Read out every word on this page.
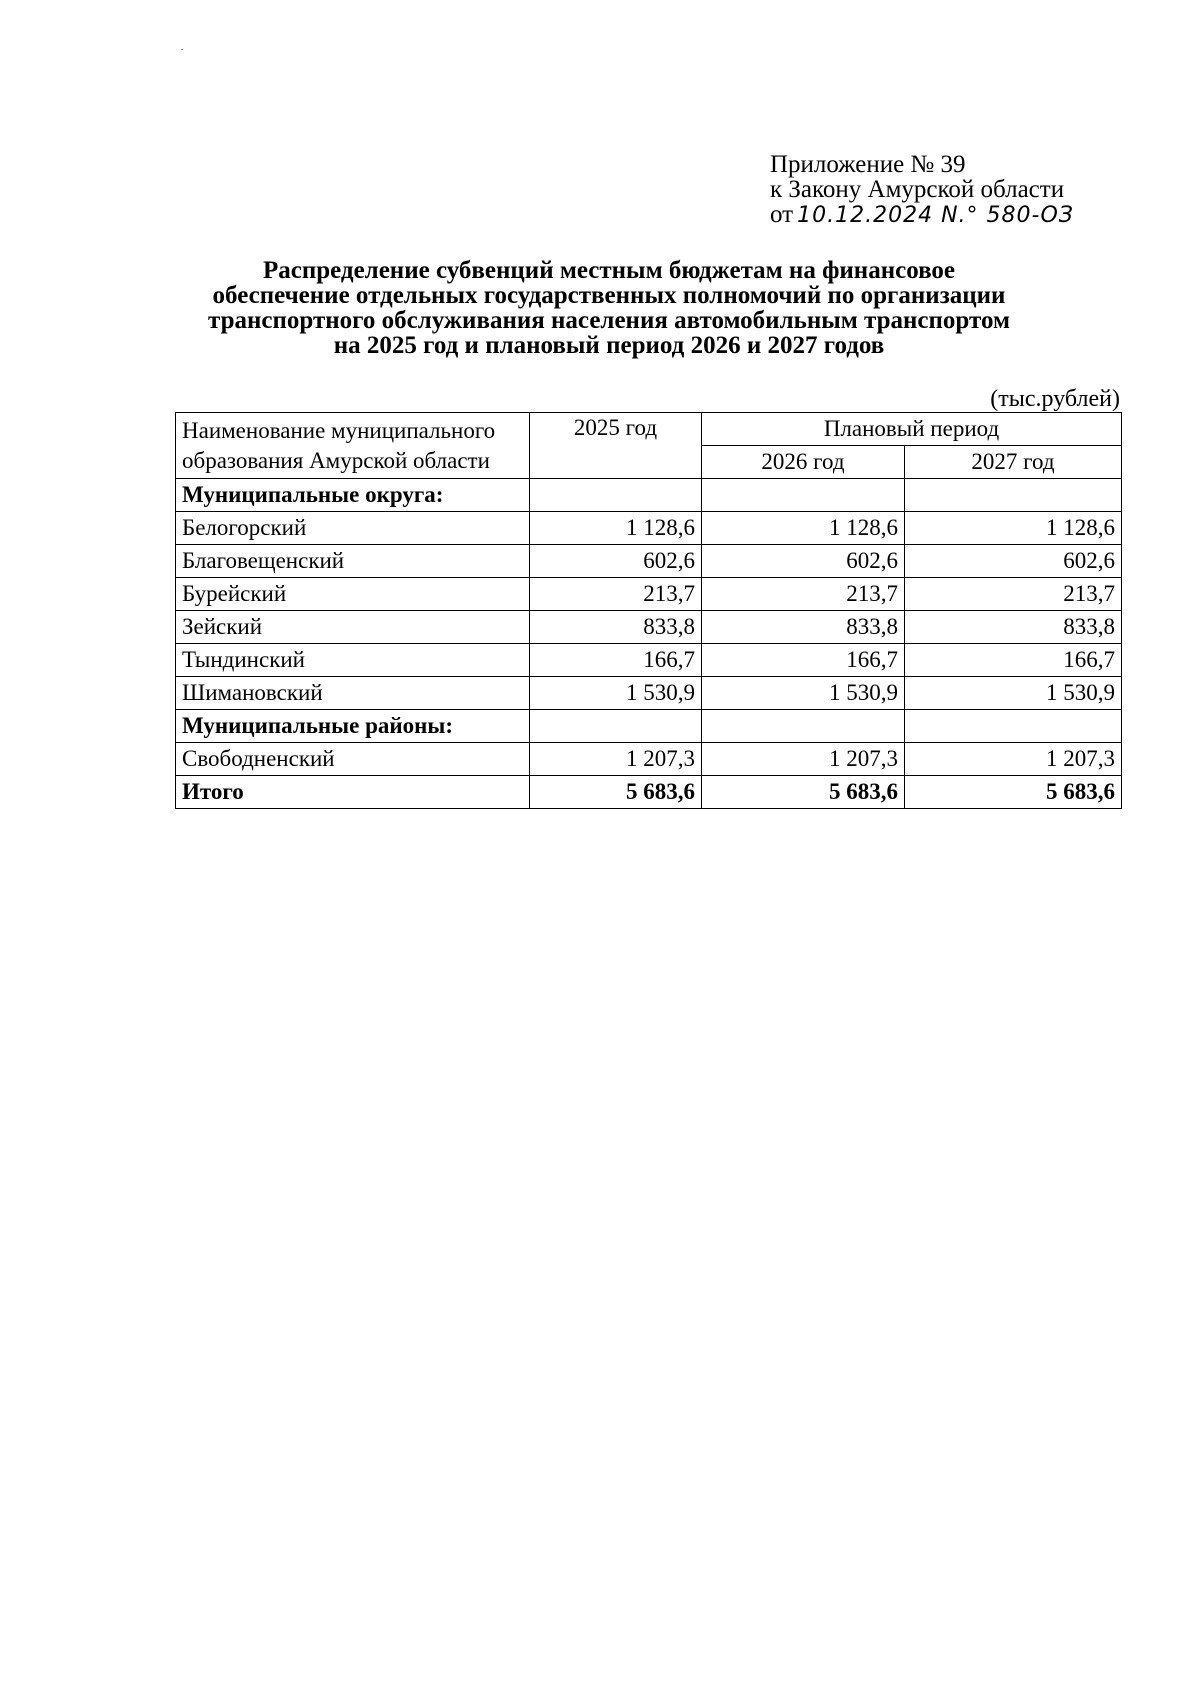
Приложение № 39
к Закону Амурской области
от 10.12.2024 N.° 580-ОЗ
Распределение субвенций местным бюджетам на финансовое
обеспечение отдельных государственных полномочий по организации
транспортного обслуживания населения автомобильным транспортом
на 2025 год и плановый период 2026 и 2027 годов
(тыс.рублей)
Наименование муниципального образования Амурской области	2025 год	Плановый период	
		2026 год	2027 год
Муниципальные округа:			
Белогорский	1 128,6	1 128,6	1 128,6
Благовещенский	602,6	602,6	602,6
Бурейский	213,7	213,7	213,7
Зейский	833,8	833,8	833,8
Тындинский	166,7	166,7	166,7
Шимановский	1 530,9	1 530,9	1 530,9
Муниципальные районы:			
Свободненский	1 207,3	1 207,3	1 207,3
Итого	5 683,6	5 683,6	5 683,6
